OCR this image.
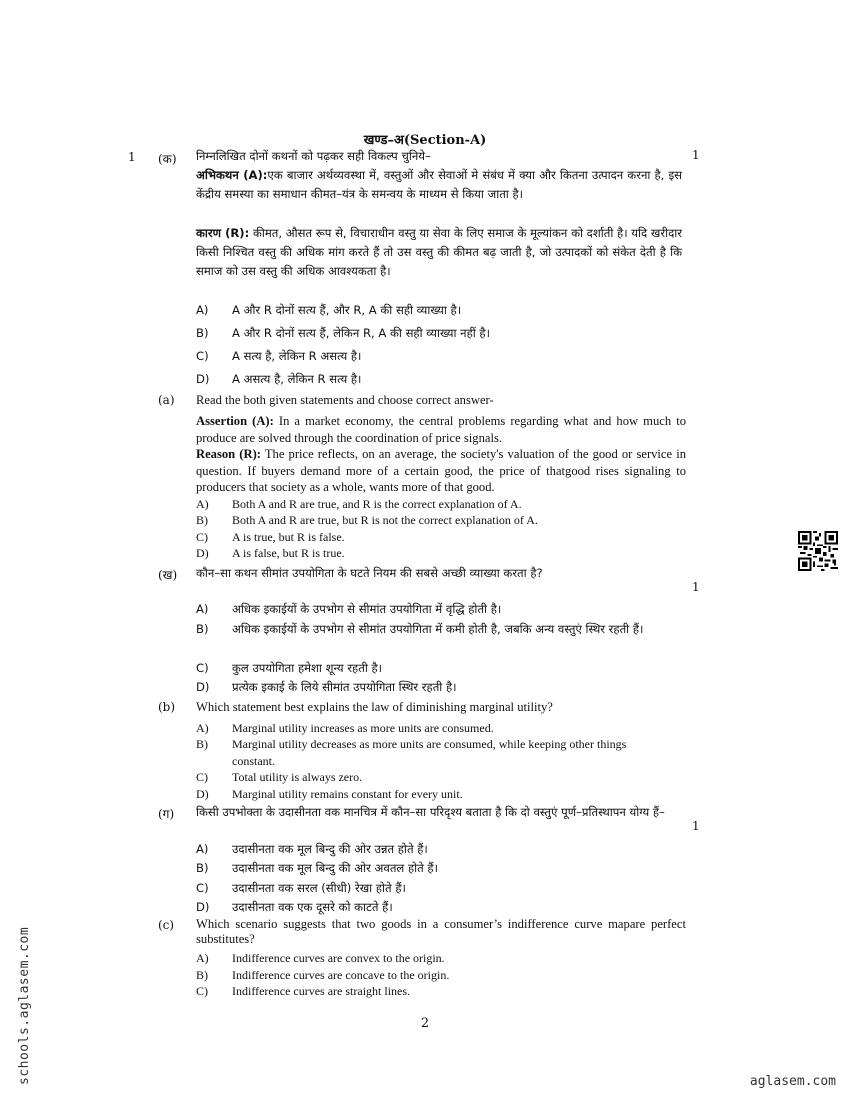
खण्ड–अ(Section-A)
1	1
(क) निम्नलिखित दोनों कथनों को पढ़कर सही विकल्प चुनिये–
अभिकथन (A):एक बाजार अर्थव्यवस्था में, वस्तुओं और सेवाओं मे संबंध में क्या और कितना उत्पादन करना है, इस केंद्रीय समस्या का समाधान कीमत–यंत्र के समन्वय के माध्यम से किया जाता है।
कारण (R): कीमत, औसत रूप से, विचाराधीन वस्तु या सेवा के लिए समाज के मूल्यांकन को दर्शाती है। यदि खरीदार किसी निश्चित वस्तु की अधिक मांग करते हैं तो उस वस्तु की कीमत बढ़ जाती है, जो उत्पादकों को संकेत देती है कि समाज को उस वस्तु की अधिक आवश्यकता है।
A) A और R दोनों सत्य हैं, और R, A की सही व्याख्या है।
B) A और R दोनों सत्य हैं, लेकिन R, A की सही व्याख्या नहीं है।
C) A सत्य है, लेकिन R असत्य है।
D) A असत्य है, लेकिन R सत्य है।
(a) Read the both given statements and choose correct answer-
Assertion (A): In a market economy, the central problems regarding what and how much to produce are solved through the coordination of price signals.
Reason (R): The price reflects, on an average, the society's valuation of the good or service in question. If buyers demand more of a certain good, the price of thatgood rises signaling to producers that society as a whole, wants more of that good.
A) Both A and R are true, and R is the correct explanation of A.
B) Both A and R are true, but R is not the correct explanation of A.
C) A is true, but R is false.
D) A is false, but R is true.
(ख) कौन–सा कथन सीमांत उपयोगिता के घटते नियम की सबसे अच्छी व्याख्या करता है?
1
A) अधिक इकाईयों के उपभोग से सीमांत उपयोगिता में वृद्धि होती है।
B) अधिक इकाईयों के उपभोग से सीमांत उपयोगिता में कमी होती है, जबकि अन्य वस्तुएं स्थिर रहती हैं।
C) कुल उपयोगिता हमेशा शून्य रहती है।
D) प्रत्येक इकाई के लिये सीमांत उपयोगिता स्थिर रहती है।
(b) Which statement best explains the law of diminishing marginal utility?
A) Marginal utility increases as more units are consumed.
B) Marginal utility decreases as more units are consumed, while keeping other things constant.
C) Total utility is always zero.
D) Marginal utility remains constant for every unit.
(ग) किसी उपभोक्ता के उदासीनता वक मानचित्र में कौन–सा परिदृश्य बताता है कि दो वस्तुएं पूर्ण–प्रतिस्थापन योग्य हैं–
1
A) उदासीनता वक मूल बिन्दु की ओर उन्नत होते हैं।
B) उदासीनता वक मूल बिन्दु की ओर अवतल होते हैं।
C) उदासीनता वक सरल (सीधी) रेखा होते हैं।
D) उदासीनता वक एक दूसरे को काटते हैं।
(c) Which scenario suggests that two goods in a consumer’s indifference curve mapare perfect substitutes?
A) Indifference curves are convex to the origin.
B) Indifference curves are concave to the origin.
C) Indifference curves are straight lines.
2
schools.aglasem.com	aglasem.com
